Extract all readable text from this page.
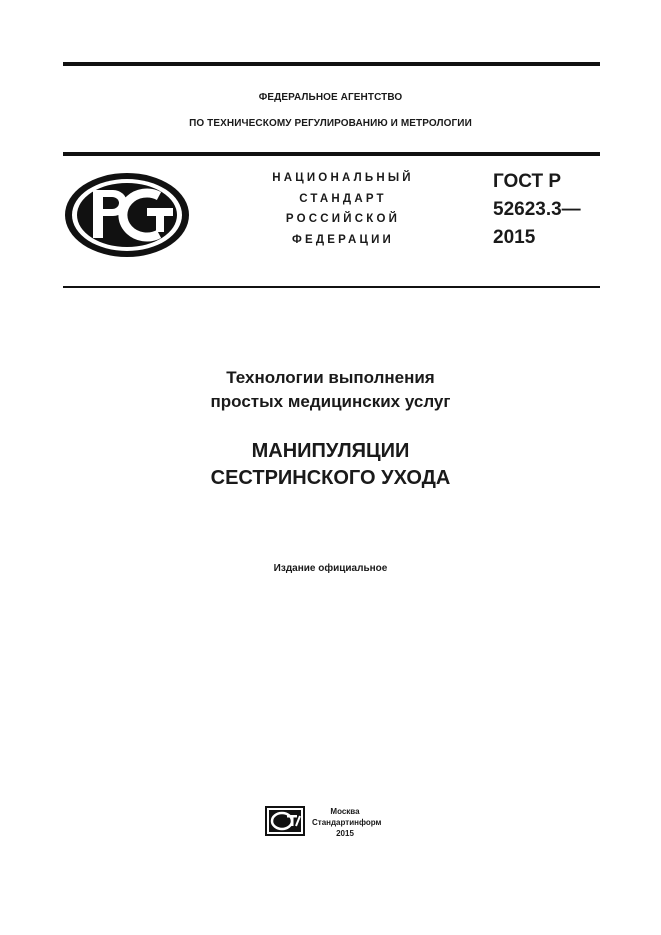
ФЕДЕРАЛЬНОЕ АГЕНТСТВО
ПО ТЕХНИЧЕСКОМУ РЕГУЛИРОВАНИЮ И МЕТРОЛОГИИ
НАЦИОНАЛЬНЫЙ
СТАНДАРТ
РОССИЙСКОЙ
ФЕДЕРАЦИИ
ГОСТ Р
52623.3—
2015
Технологии выполнения
простых медицинских услуг
МАНИПУЛЯЦИИ
СЕСТРИНСКОГО УХОДА
Издание официальное
Москва
Стандартинформ
2015
